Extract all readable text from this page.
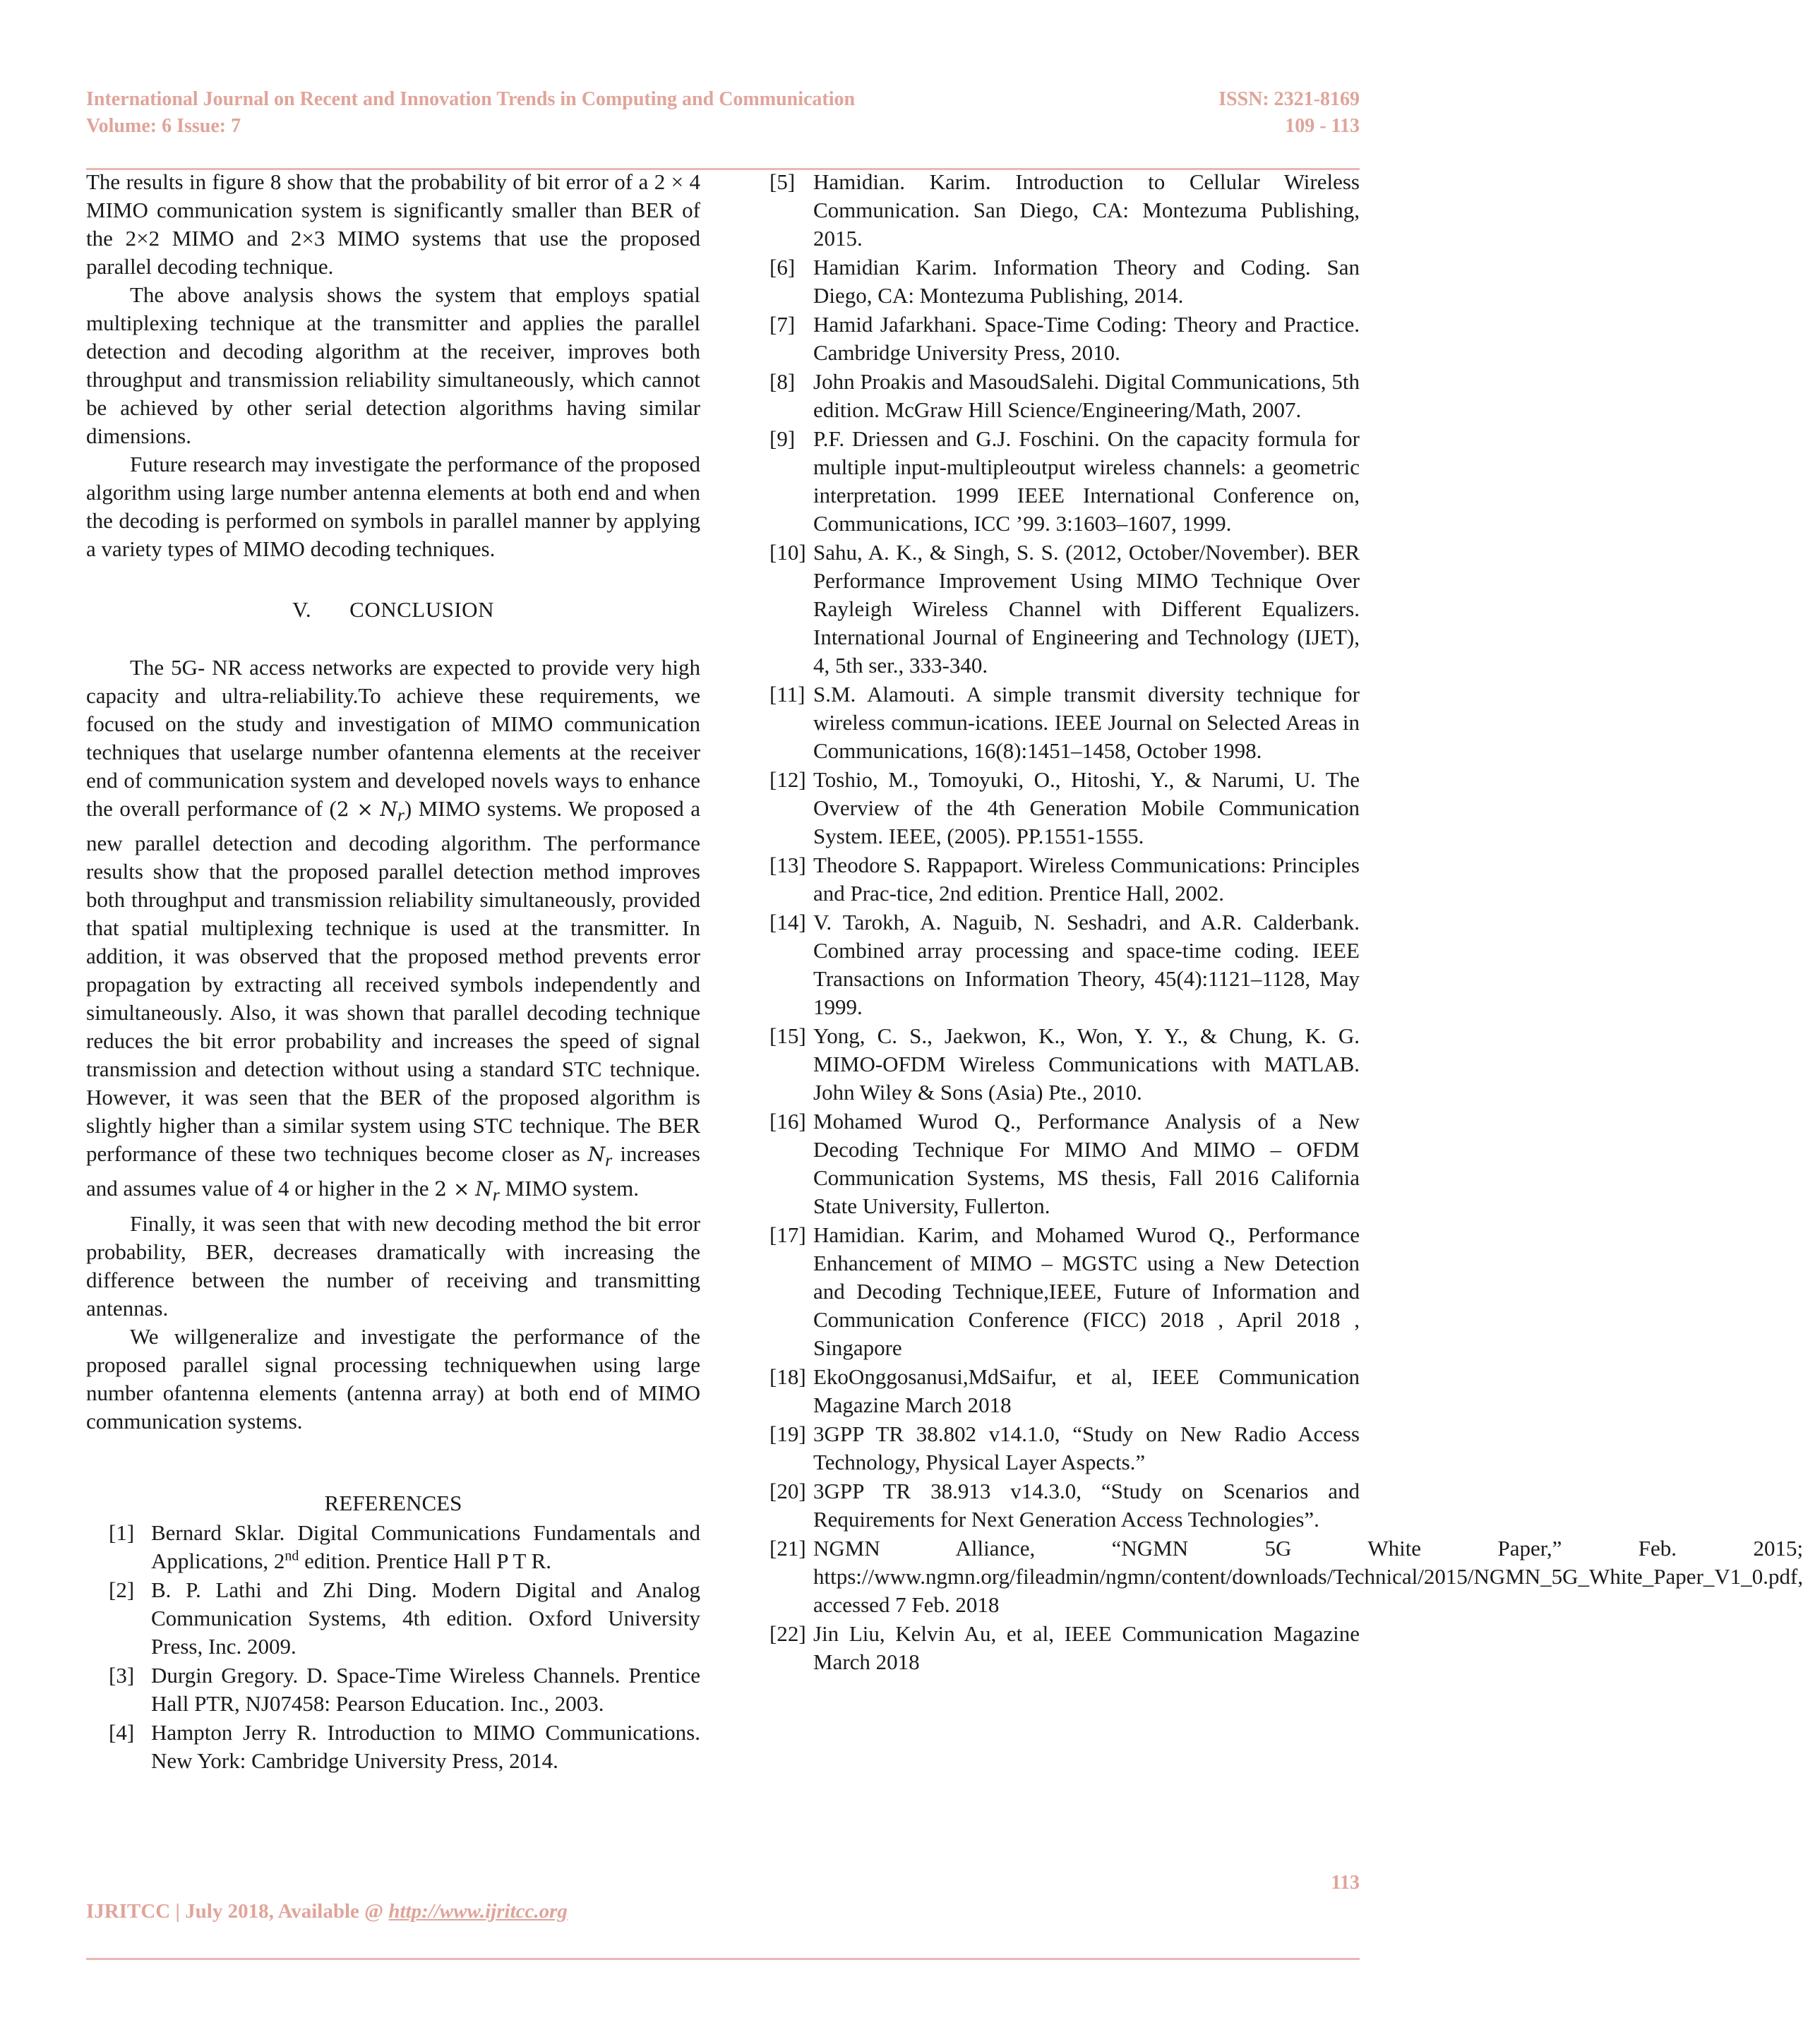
International Journal on Recent and Innovation Trends in Computing and Communication	ISSN: 2321-8169
Volume: 6 Issue: 7	109 - 113

The results in figure 8 show that the probability of bit error of a 2 × 4 MIMO communication system is significantly smaller than BER of the 2×2 MIMO and 2×3 MIMO systems that use the proposed parallel decoding technique.

The above analysis shows the system that employs spatial multiplexing technique at the transmitter and applies the parallel detection and decoding algorithm at the receiver, improves both throughput and transmission reliability simultaneously, which cannot be achieved by other serial detection algorithms having similar dimensions.

Future research may investigate the performance of the proposed algorithm using large number antenna elements at both end and when the decoding is performed on symbols in parallel manner by applying a variety types of MIMO decoding techniques.

V. CONCLUSION

The 5G- NR access networks are expected to provide very high capacity and ultra-reliability.To achieve these requirements, we focused on the study and investigation of MIMO communication techniques that uselarge number ofantenna elements at the receiver end of communication system and developed novels ways to enhance the overall performance of $(2 \times N_r)$ MIMO systems. We proposed a new parallel detection and decoding algorithm. The performance results show that the proposed parallel detection method improves both throughput and transmission reliability simultaneously, provided that spatial multiplexing technique is used at the transmitter. In addition, it was observed that the proposed method prevents error propagation by extracting all received symbols independently and simultaneously. Also, it was shown that parallel decoding technique reduces the bit error probability and increases the speed of signal transmission and detection without using a standard STC technique. However, it was seen that the BER of the proposed algorithm is slightly higher than a similar system using STC technique. The BER performance of these two techniques become closer as $N_r$ increases and assumes value of 4 or higher in the $2 \times N_r$ MIMO system.

Finally, it was seen that with new decoding method the bit error probability, BER, decreases dramatically with increasing the difference between the number of receiving and transmitting antennas.

We willgeneralize and investigate the performance of the proposed parallel signal processing techniquewhen using large number ofantenna elements (antenna array) at both end of MIMO communication systems.

REFERENCES
[1] Bernard Sklar. Digital Communications Fundamentals and Applications, 2nd edition. Prentice Hall P T R.
[2] B. P. Lathi and Zhi Ding. Modern Digital and Analog Communication Systems, 4th edition. Oxford University Press, Inc. 2009.
[3] Durgin Gregory. D. Space-Time Wireless Channels. Prentice Hall PTR, NJ07458: Pearson Education. Inc., 2003.
[4] Hampton Jerry R. Introduction to MIMO Communications. New York: Cambridge University Press, 2014.
[5] Hamidian. Karim. Introduction to Cellular Wireless Communication. San Diego, CA: Montezuma Publishing, 2015.
[6] Hamidian Karim. Information Theory and Coding. San Diego, CA: Montezuma Publishing, 2014.
[7] Hamid Jafarkhani. Space-Time Coding: Theory and Practice. Cambridge University Press, 2010.
[8] John Proakis and MasoudSalehi. Digital Communications, 5th edition. McGraw Hill Science/Engineering/Math, 2007.
[9] P.F. Driessen and G.J. Foschini. On the capacity formula for multiple input-multipleoutput wireless channels: a geometric interpretation. 1999 IEEE International Conference on, Communications, ICC ’99. 3:1603–1607, 1999.
[10] Sahu, A. K., & Singh, S. S. (2012, October/November). BER Performance Improvement Using MIMO Technique Over Rayleigh Wireless Channel with Different Equalizers. International Journal of Engineering and Technology (IJET), 4, 5th ser., 333-340.
[11] S.M. Alamouti. A simple transmit diversity technique for wireless commun-ications. IEEE Journal on Selected Areas in Communications, 16(8):1451–1458, October 1998.
[12] Toshio, M., Tomoyuki, O., Hitoshi, Y., & Narumi, U. The Overview of the 4th Generation Mobile Communication System. IEEE, (2005). PP.1551-1555.
[13] Theodore S. Rappaport. Wireless Communications: Principles and Prac-tice, 2nd edition. Prentice Hall, 2002.
[14] V. Tarokh, A. Naguib, N. Seshadri, and A.R. Calderbank. Combined array processing and space-time coding. IEEE Transactions on Information Theory, 45(4):1121–1128, May 1999.
[15] Yong, C. S., Jaekwon, K., Won, Y. Y., & Chung, K. G. MIMO-OFDM Wireless Communications with MATLAB. John Wiley & Sons (Asia) Pte., 2010.
[16] Mohamed Wurod Q., Performance Analysis of a New Decoding Technique For MIMO And MIMO – OFDM Communication Systems, MS thesis, Fall 2016 California State University, Fullerton.
[17] Hamidian. Karim, and Mohamed Wurod Q., Performance Enhancement of MIMO – MGSTC using a New Detection and Decoding Technique,IEEE, Future of Information and Communication Conference (FICC) 2018 , April 2018 , Singapore
[18] EkoOnggosanusi,MdSaifur, et al, IEEE Communication Magazine March 2018
[19] 3GPP TR 38.802 v14.1.0, “Study on New Radio Access Technology, Physical Layer Aspects.”
[20] 3GPP TR 38.913 v14.3.0, “Study on Scenarios and Requirements for Next Generation Access Technologies”.
[21] NGMN Alliance, “NGMN 5G White Paper,” Feb. 2015; https://www.ngmn.org/fileadmin/ngmn/content/downloads/Technical/2015/NGMN_5G_White_Paper_V1_0.pdf, accessed 7 Feb. 2018
[22] Jin Liu, Kelvin Au, et al, IEEE Communication Magazine March 2018
113
IJRITCC | July 2018, Available @ http://www.ijritcc.org
